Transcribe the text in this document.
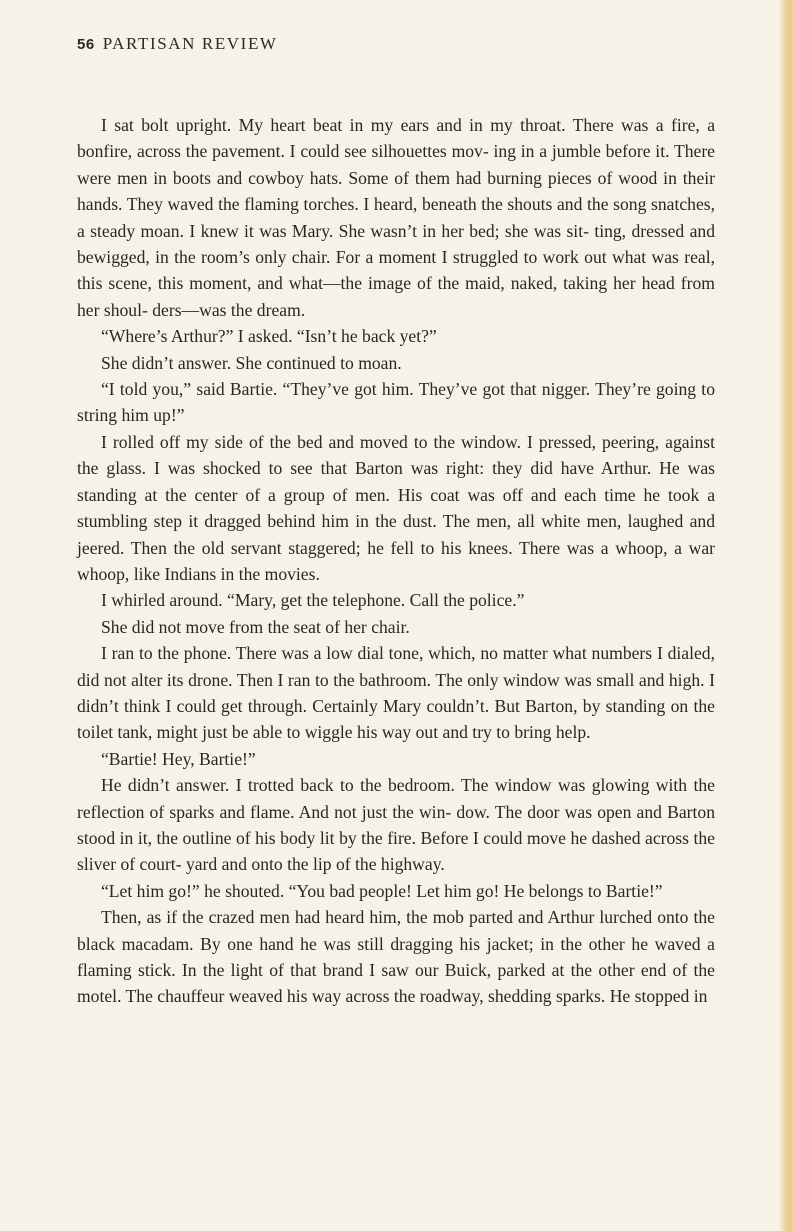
56 PARTISAN REVIEW

I sat bolt upright. My heart beat in my ears and in my throat. There was a fire, a bonfire, across the pavement. I could see silhouettes mov- ing in a jumble before it. There were men in boots and cowboy hats. Some of them had burning pieces of wood in their hands. They waved the flaming torches. I heard, beneath the shouts and the song snatches, a steady moan. I knew it was Mary. She wasn’t in her bed; she was sit- ting, dressed and bewigged, in the room’s only chair. For a moment I struggled to work out what was real, this scene, this moment, and what—the image of the maid, naked, taking her head from her shoul- ders—was the dream.

“Where’s Arthur?” I asked. “Isn’t he back yet?”

She didn’t answer. She continued to moan.

“I told you,” said Bartie. “They’ve got him. They’ve got that nigger. They’re going to string him up!”

I rolled off my side of the bed and moved to the window. I pressed, peering, against the glass. I was shocked to see that Barton was right: they did have Arthur. He was standing at the center of a group of men. His coat was off and each time he took a stumbling step it dragged behind him in the dust. The men, all white men, laughed and jeered. Then the old servant staggered; he fell to his knees. There was a whoop, a war whoop, like Indians in the movies.

I whirled around. “Mary, get the telephone. Call the police.”

She did not move from the seat of her chair.

I ran to the phone. There was a low dial tone, which, no matter what numbers I dialed, did not alter its drone. Then I ran to the bathroom. The only window was small and high. I didn’t think I could get through. Certainly Mary couldn’t. But Barton, by standing on the toilet tank, might just be able to wiggle his way out and try to bring help.

“Bartie! Hey, Bartie!”

He didn’t answer. I trotted back to the bedroom. The window was glowing with the reflection of sparks and flame. And not just the win- dow. The door was open and Barton stood in it, the outline of his body lit by the fire. Before I could move he dashed across the sliver of court- yard and onto the lip of the highway.

“Let him go!” he shouted. “You bad people! Let him go! He belongs to Bartie!”

Then, as if the crazed men had heard him, the mob parted and Arthur lurched onto the black macadam. By one hand he was still dragging his jacket; in the other he waved a flaming stick. In the light of that brand I saw our Buick, parked at the other end of the motel. The chauffeur weaved his way across the roadway, shedding sparks. He stopped in
